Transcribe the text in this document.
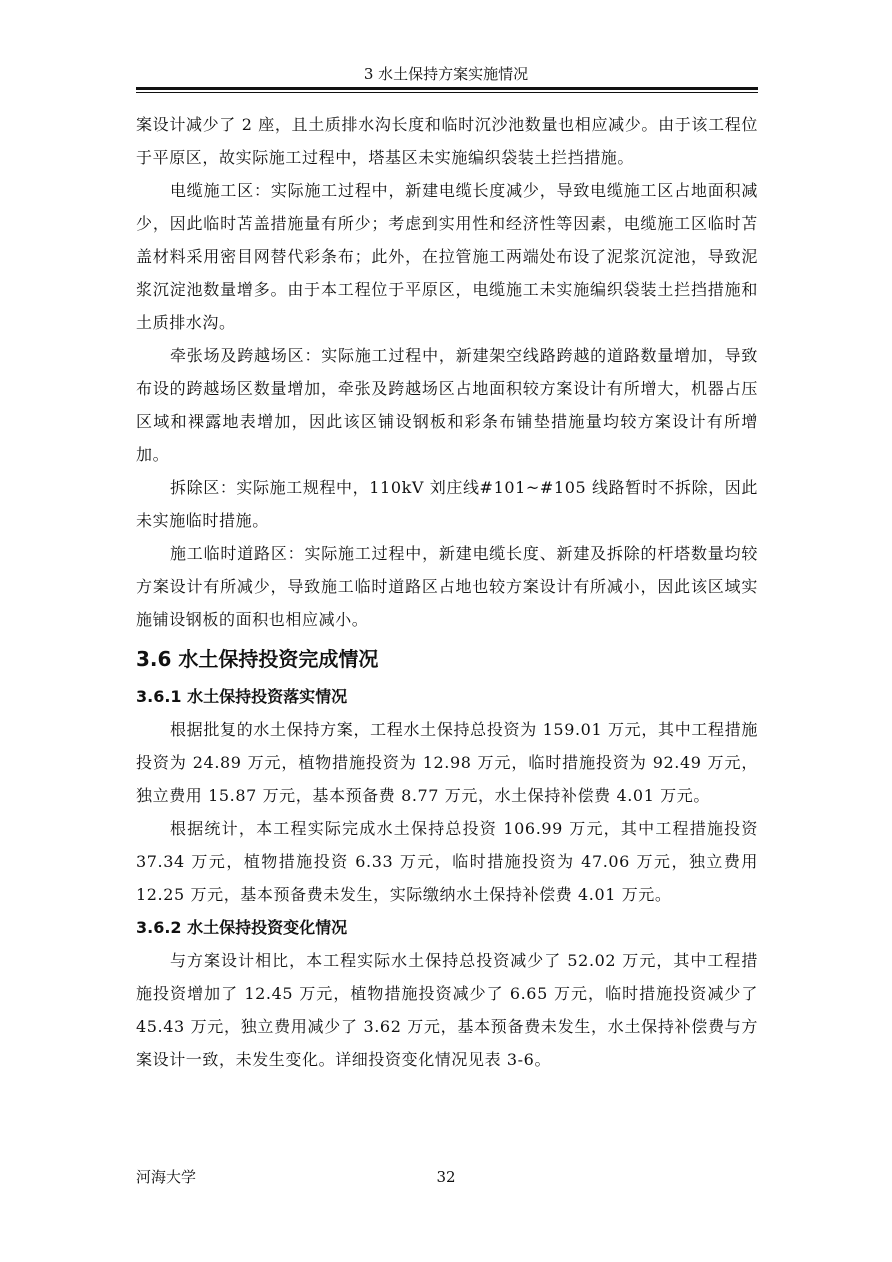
3 水土保持方案实施情况

案设计减少了 2 座，且土质排水沟长度和临时沉沙池数量也相应减少。由于该工程位于平原区，故实际施工过程中，塔基区未实施编织袋装土拦挡措施。

电缆施工区：实际施工过程中，新建电缆长度减少，导致电缆施工区占地面积减少，因此临时苫盖措施量有所少；考虑到实用性和经济性等因素，电缆施工区临时苫盖材料采用密目网替代彩条布；此外，在拉管施工两端处布设了泥浆沉淀池，导致泥浆沉淀池数量增多。由于本工程位于平原区，电缆施工未实施编织袋装土拦挡措施和土质排水沟。

牵张场及跨越场区：实际施工过程中，新建架空线路跨越的道路数量增加，导致布设的跨越场区数量增加，牵张及跨越场区占地面积较方案设计有所增大，机器占压区域和裸露地表增加，因此该区铺设钢板和彩条布铺垫措施量均较方案设计有所增加。

拆除区：实际施工规程中，110kV 刘庄线#101~#105 线路暂时不拆除，因此未实施临时措施。

施工临时道路区：实际施工过程中，新建电缆长度、新建及拆除的杆塔数量均较方案设计有所减少，导致施工临时道路区占地也较方案设计有所减小，因此该区域实施铺设钢板的面积也相应减小。

3.6 水土保持投资完成情况
3.6.1 水土保持投资落实情况

根据批复的水土保持方案，工程水土保持总投资为 159.01 万元，其中工程措施投资为 24.89 万元，植物措施投资为 12.98 万元，临时措施投资为 92.49 万元，独立费用 15.87 万元，基本预备费 8.77 万元，水土保持补偿费 4.01 万元。

根据统计，本工程实际完成水土保持总投资 106.99 万元，其中工程措施投资 37.34 万元，植物措施投资 6.33 万元，临时措施投资为 47.06 万元，独立费用 12.25 万元，基本预备费未发生，实际缴纳水土保持补偿费 4.01 万元。

3.6.2 水土保持投资变化情况

与方案设计相比，本工程实际水土保持总投资减少了 52.02 万元，其中工程措施投资增加了 12.45 万元，植物措施投资减少了 6.65 万元，临时措施投资减少了 45.43 万元，独立费用减少了 3.62 万元，基本预备费未发生，水土保持补偿费与方案设计一致，未发生变化。详细投资变化情况见表 3-6。

河海大学	32
